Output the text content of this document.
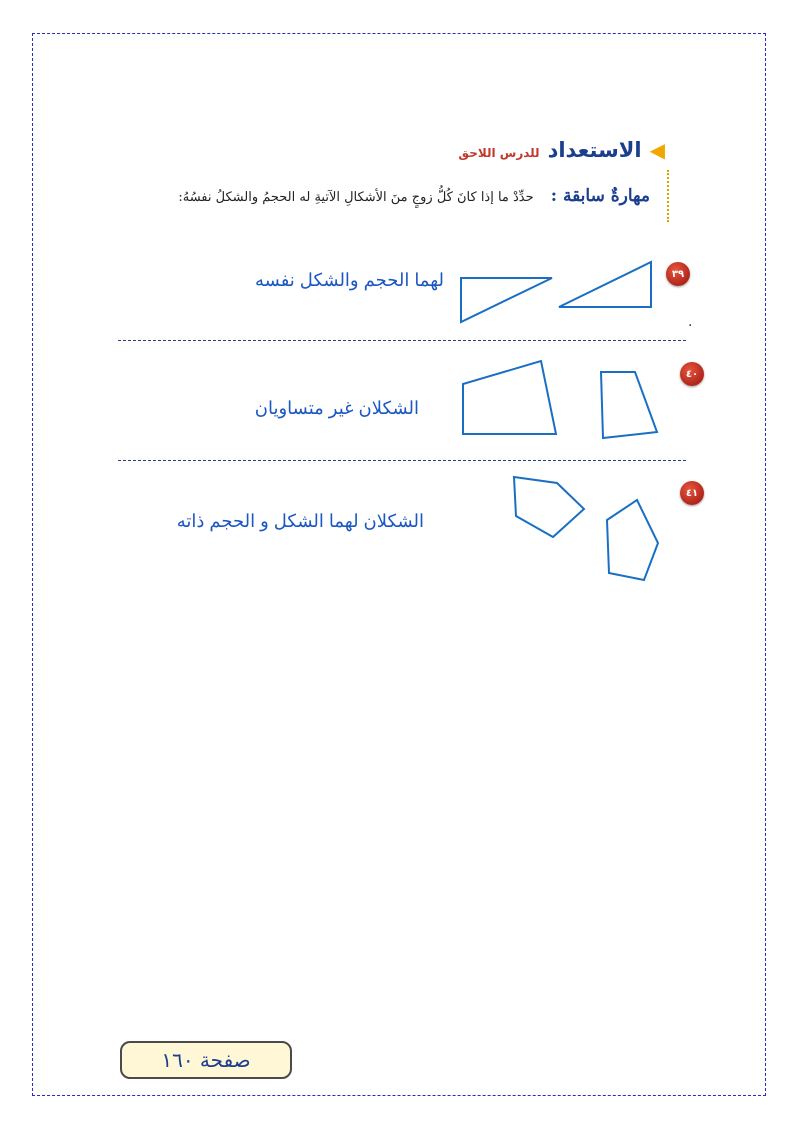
◀
الاستعداد
للدرس اللاحق
مهارةٌ سابقة : حدِّدْ ما إذا كانَ كُلُّ زوجٍ منَ الأشكالِ الآتيةِ له الحجمُ والشكلُ نفسُهُ:
٣٩
لهما الحجم والشكل نفسه
.
٤٠
الشكلان غير متساويان
٤١
الشكلان لهما الشكل و الحجم ذاته
صفحة ١٦٠
